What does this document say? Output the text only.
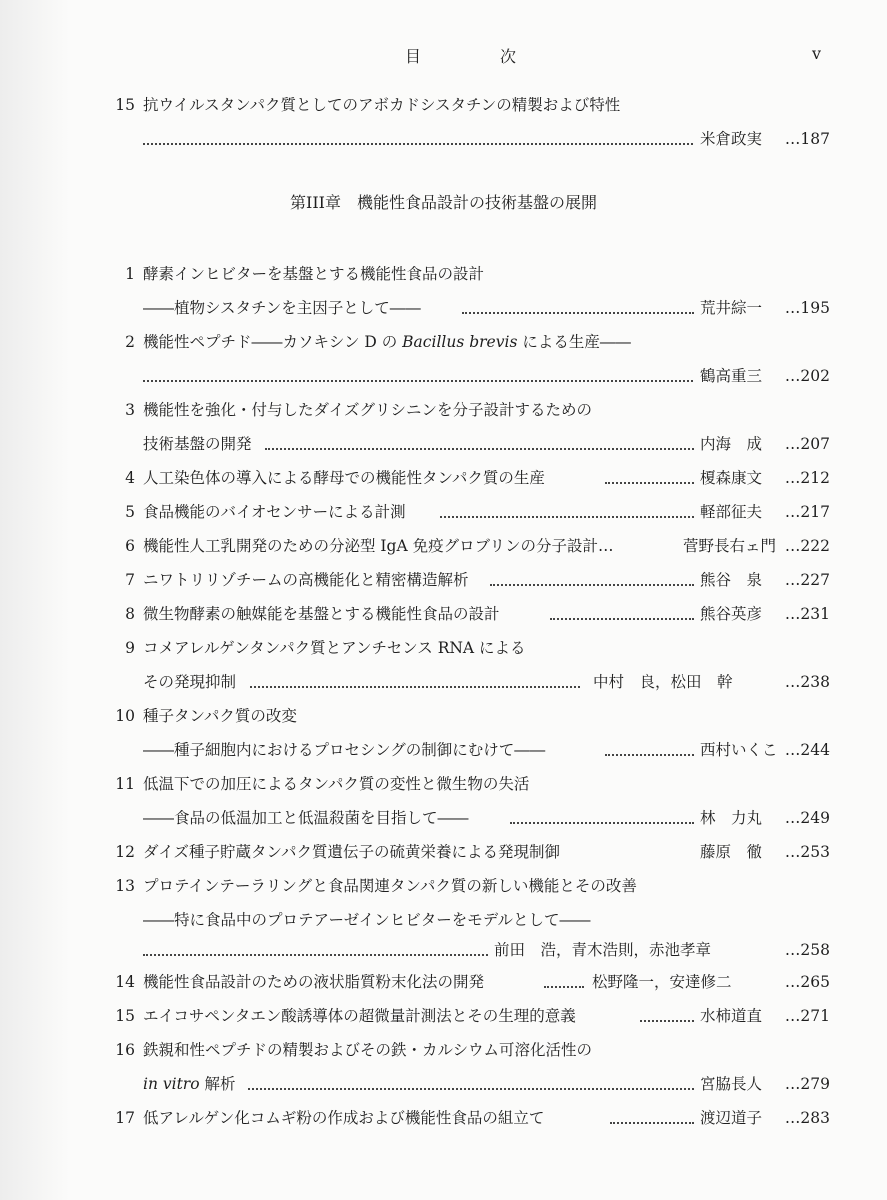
目	次	v
15 抗ウイルスタンパク質としてのアボカドシスタチンの精製および特性
米倉政実	…187
第III章　機能性食品設計の技術基盤の展開
1 酵素インヒビターを基盤とする機能性食品の設計
――植物シスタチンを主因子として――	荒井綜一	…195
2 機能性ペプチド――カソキシン D の Bacillus brevis による生産――
鶴高重三	…202
3 機能性を強化・付与したダイズグリシニンを分子設計するための
技術基盤の開発	内海　成	…207
4 人工染色体の導入による酵母での機能性タンパク質の生産	榎森康文	…212
5 食品機能のバイオセンサーによる計測	軽部征夫	…217
6 機能性人工乳開発のための分泌型 IgA 免疫グロブリンの分子設計…	菅野長右ェ門 …222
7 ニワトリリゾチームの高機能化と精密構造解析	熊谷　泉	…227
8 微生物酵素の触媒能を基盤とする機能性食品の設計	熊谷英彦	…231
9 コメアレルゲンタンパク質とアンチセンス RNA による
その発現抑制	中村　良，松田　幹	…238
10 種子タンパク質の改変
――種子細胞内におけるプロセシングの制御にむけて――	西村いくこ …244
11 低温下での加圧によるタンパク質の変性と微生物の失活
――食品の低温加工と低温殺菌を目指して――	林　力丸	…249
12 ダイズ種子貯蔵タンパク質遺伝子の硫黄栄養による発現制御	藤原　徹	…253
13 プロテインテーラリングと食品関連タンパク質の新しい機能とその改善
――特に食品中のプロテアーゼインヒビターをモデルとして――
前田　浩，青木浩則，赤池孝章	…258
14 機能性食品設計のための液状脂質粉末化法の開発	松野隆一，安達修二	…265
15 エイコサペンタエン酸誘導体の超微量計測法とその生理的意義	水柿道直	…271
16 鉄親和性ペプチドの精製およびその鉄・カルシウム可溶化活性の
in vitro 解析	宮脇長人	…279
17 低アレルゲン化コムギ粉の作成および機能性食品の組立て	渡辺道子	…283
